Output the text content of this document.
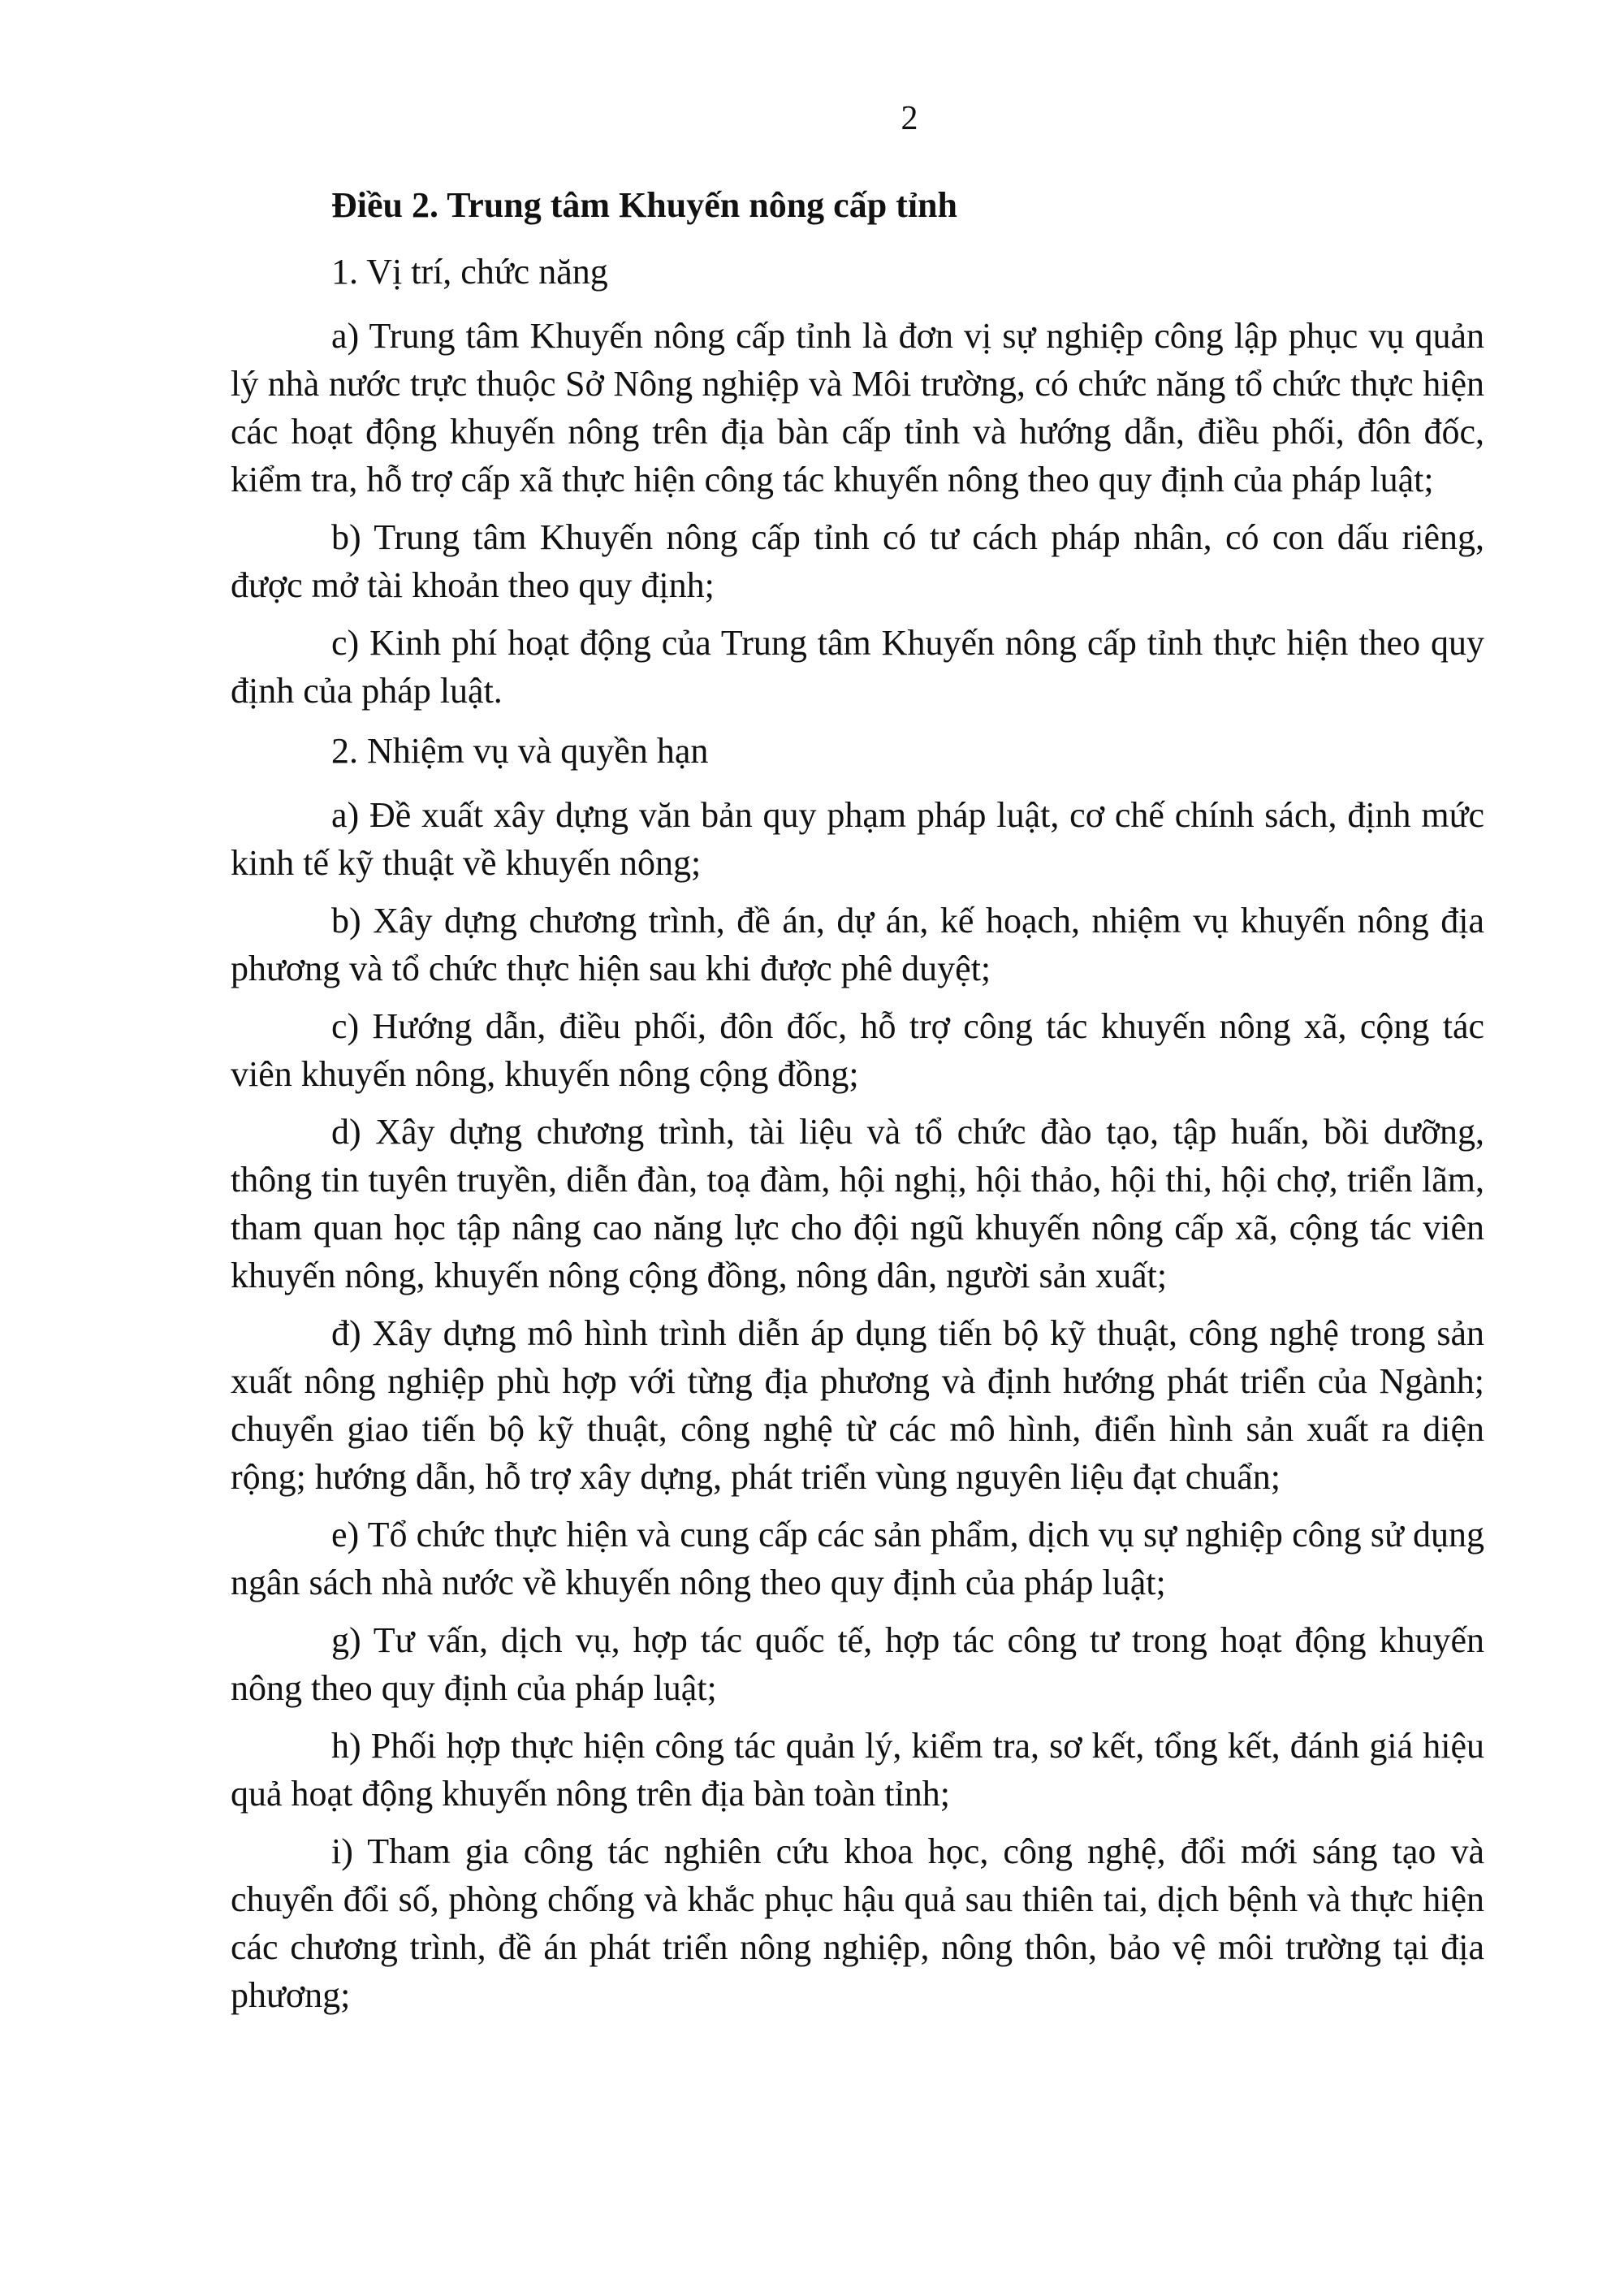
2

Điều 2. Trung tâm Khuyến nông cấp tỉnh

1. Vị trí, chức năng

a) Trung tâm Khuyến nông cấp tỉnh là đơn vị sự nghiệp công lập phục vụ quản lý nhà nước trực thuộc Sở Nông nghiệp và Môi trường, có chức năng tổ chức thực hiện các hoạt động khuyến nông trên địa bàn cấp tỉnh và hướng dẫn, điều phối, đôn đốc, kiểm tra, hỗ trợ cấp xã thực hiện công tác khuyến nông theo quy định của pháp luật;

b) Trung tâm Khuyến nông cấp tỉnh có tư cách pháp nhân, có con dấu riêng, được mở tài khoản theo quy định;

c) Kinh phí hoạt động của Trung tâm Khuyến nông cấp tỉnh thực hiện theo quy định của pháp luật.

2. Nhiệm vụ và quyền hạn

a) Đề xuất xây dựng văn bản quy phạm pháp luật, cơ chế chính sách, định mức kinh tế kỹ thuật về khuyến nông;

b) Xây dựng chương trình, đề án, dự án, kế hoạch, nhiệm vụ khuyến nông địa phương và tổ chức thực hiện sau khi được phê duyệt;

c) Hướng dẫn, điều phối, đôn đốc, hỗ trợ công tác khuyến nông xã, cộng tác viên khuyến nông, khuyến nông cộng đồng;

d) Xây dựng chương trình, tài liệu và tổ chức đào tạo, tập huấn, bồi dưỡng, thông tin tuyên truyền, diễn đàn, toạ đàm, hội nghị, hội thảo, hội thi, hội chợ, triển lãm, tham quan học tập nâng cao năng lực cho đội ngũ khuyến nông cấp xã, cộng tác viên khuyến nông, khuyến nông cộng đồng, nông dân, người sản xuất;

đ) Xây dựng mô hình trình diễn áp dụng tiến bộ kỹ thuật, công nghệ trong sản xuất nông nghiệp phù hợp với từng địa phương và định hướng phát triển của Ngành; chuyển giao tiến bộ kỹ thuật, công nghệ từ các mô hình, điển hình sản xuất ra diện rộng; hướng dẫn, hỗ trợ xây dựng, phát triển vùng nguyên liệu đạt chuẩn;

e) Tổ chức thực hiện và cung cấp các sản phẩm, dịch vụ sự nghiệp công sử dụng ngân sách nhà nước về khuyến nông theo quy định của pháp luật;

g) Tư vấn, dịch vụ, hợp tác quốc tế, hợp tác công tư trong hoạt động khuyến nông theo quy định của pháp luật;

h) Phối hợp thực hiện công tác quản lý, kiểm tra, sơ kết, tổng kết, đánh giá hiệu quả hoạt động khuyến nông trên địa bàn toàn tỉnh;

i) Tham gia công tác nghiên cứu khoa học, công nghệ, đổi mới sáng tạo và chuyển đổi số, phòng chống và khắc phục hậu quả sau thiên tai, dịch bệnh và thực hiện các chương trình, đề án phát triển nông nghiệp, nông thôn, bảo vệ môi trường tại địa phương;
